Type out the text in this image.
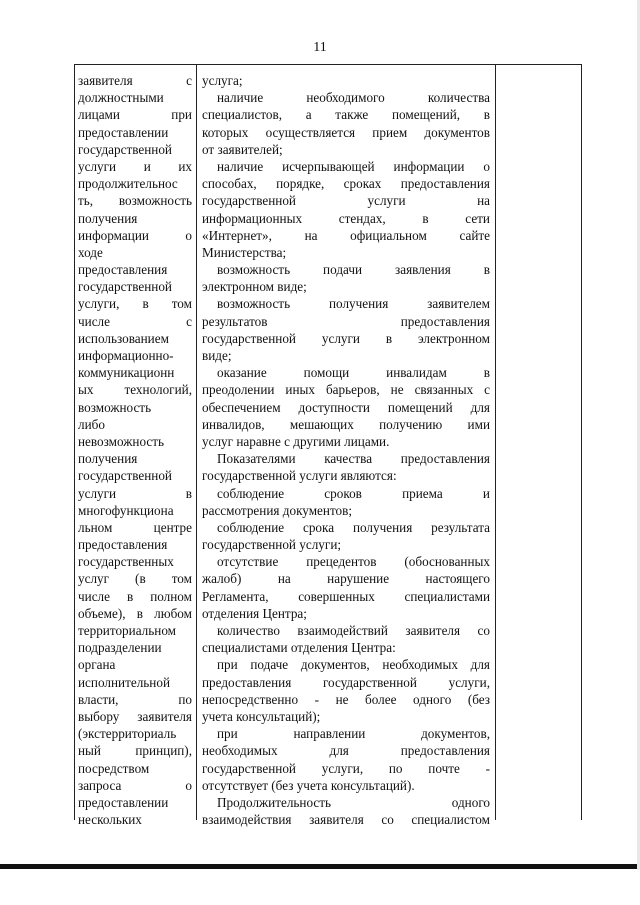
11
заявителя с
должностными
лицами при
предоставлении
государственной
услуги и их
продолжительнос
ть, возможность
получения
информации о
ходе
предоставления
государственной
услуги, в том
числе с
использованием
информационно-
коммуникационн
ых технологий,
возможность
либо
невозможность
получения
государственной
услуги в
многофункциона
льном центре
предоставления
государственных
услуг (в том
числе в полном
объеме), в любом
территориальном
подразделении
органа
исполнительной
власти, по
выбору заявителя
(экстерриториаль
ный принцип),
посредством
запроса о
предоставлении
нескольких
услуга;
наличие необходимого количества
специалистов, а также помещений, в
которых осуществляется прием документов
от заявителей;
наличие исчерпывающей информации о
способах, порядке, сроках предоставления
государственной услуги на
информационных стендах, в сети
«Интернет», на официальном сайте
Министерства;
возможность подачи заявления в
электронном виде;
возможность получения заявителем
результатов предоставления
государственной услуги в электронном
виде;
оказание помощи инвалидам в
преодолении иных барьеров, не связанных с
обеспечением доступности помещений для
инвалидов, мешающих получению ими
услуг наравне с другими лицами.
Показателями качества предоставления
государственной услуги являются:
соблюдение сроков приема и
рассмотрения документов;
соблюдение срока получения результата
государственной услуги;
отсутствие прецедентов (обоснованных
жалоб) на нарушение настоящего
Регламента, совершенных специалистами
отделения Центра;
количество взаимодействий заявителя со
специалистами отделения Центра:
при подаче документов, необходимых для
предоставления государственной услуги,
непосредственно - не более одного (без
учета консультаций);
при направлении документов,
необходимых для предоставления
государственной услуги, по почте -
отсутствует (без учета консультаций).
Продолжительность одного
взаимодействия заявителя со специалистом
